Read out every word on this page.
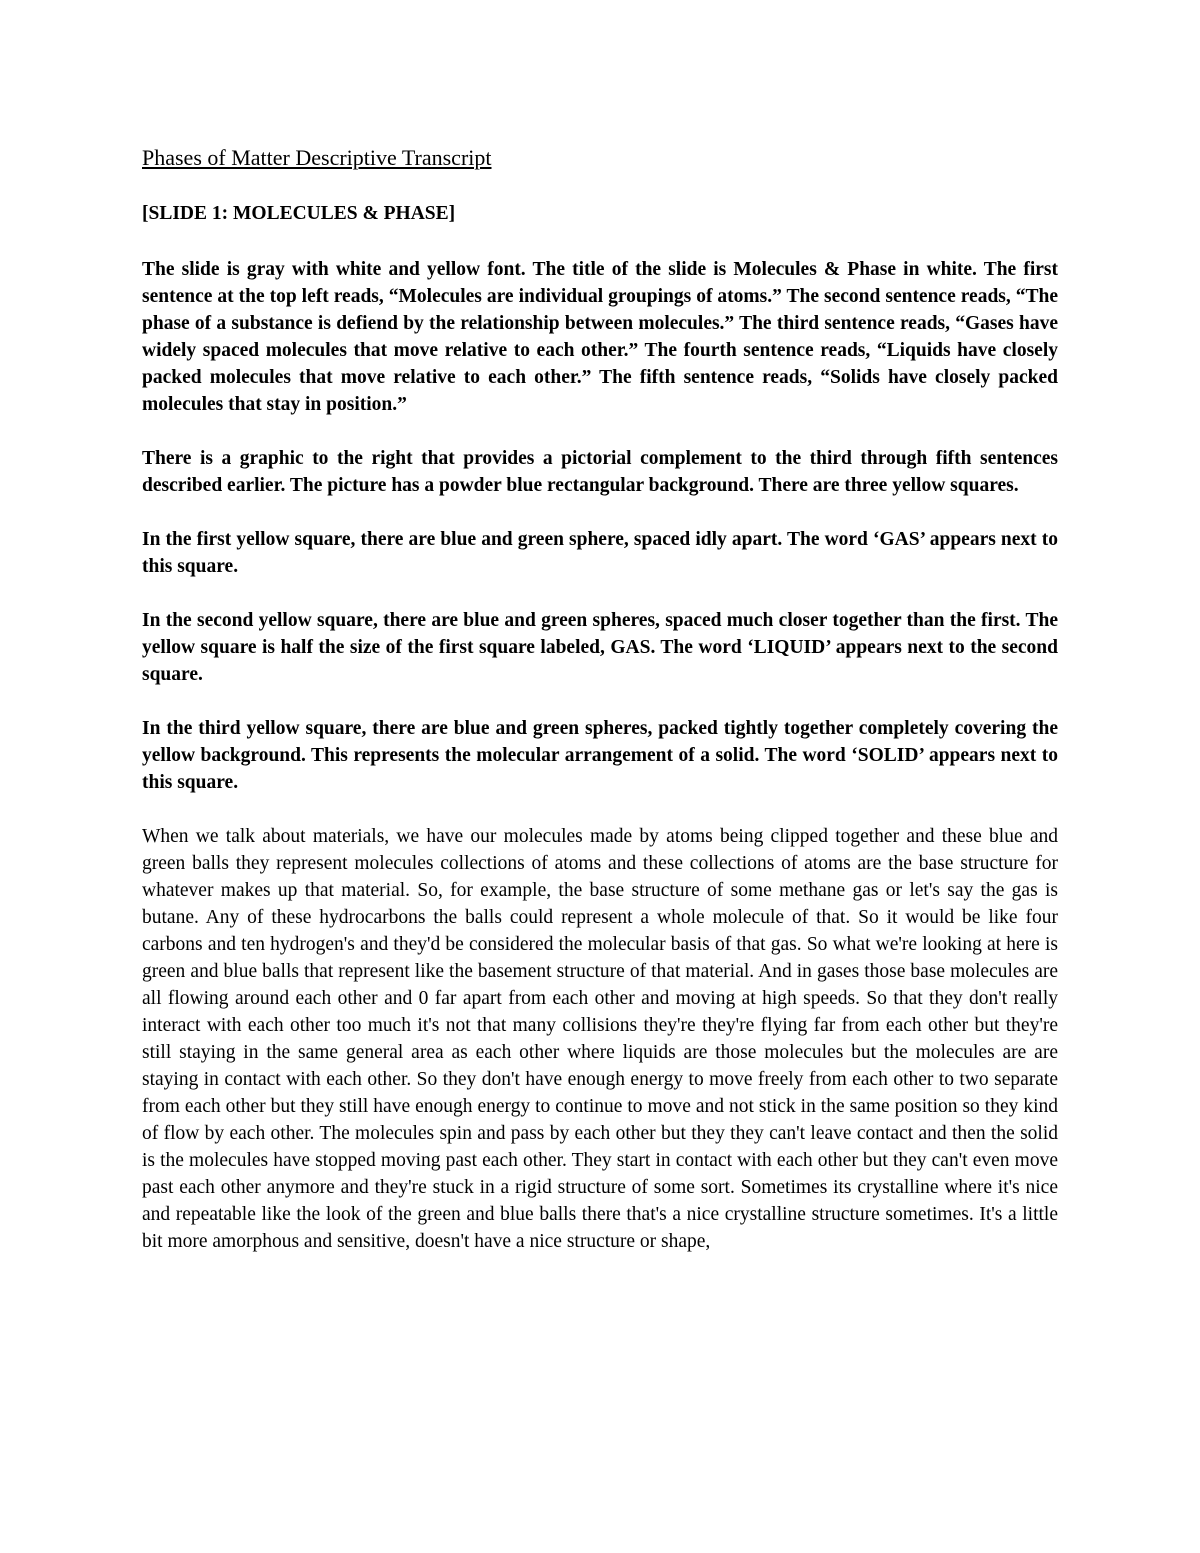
Phases of Matter Descriptive Transcript

[SLIDE 1: MOLECULES & PHASE]

The slide is gray with white and yellow font. The title of the slide is Molecules & Phase in white. The first sentence at the top left reads, “Molecules are individual groupings of atoms.” The second sentence reads, “The phase of a substance is defiend by the relationship between molecules.” The third sentence reads, “Gases have widely spaced molecules that move relative to each other.” The fourth sentence reads, “Liquids have closely packed molecules that move relative to each other.” The fifth sentence reads, “Solids have closely packed molecules that stay in position.”

There is a graphic to the right that provides a pictorial complement to the third through fifth sentences described earlier. The picture has a powder blue rectangular background. There are three yellow squares.

In the first yellow square, there are blue and green sphere, spaced idly apart. The word ‘GAS’ appears next to this square.

In the second yellow square, there are blue and green spheres, spaced much closer together than the first. The yellow square is half the size of the first square labeled, GAS. The word ‘LIQUID’ appears next to the second square.

In the third yellow square, there are blue and green spheres, packed tightly together completely covering the yellow background. This represents the molecular arrangement of a solid. The word ‘SOLID’ appears next to this square.

When we talk about materials, we have our molecules made by atoms being clipped together and these blue and green balls they represent molecules collections of atoms and these collections of atoms are the base structure for whatever makes up that material. So, for example, the base structure of some methane gas or let's say the gas is butane. Any of these hydrocarbons the balls could represent a whole molecule of that. So it would be like four carbons and ten hydrogen's and they'd be considered the molecular basis of that gas. So what we're looking at here is green and blue balls that represent like the basement structure of that material. And in gases those base molecules are all flowing around each other and 0 far apart from each other and moving at high speeds. So that they don't really interact with each other too much it's not that many collisions they're they're flying far from each other but they're still staying in the same general area as each other where liquids are those molecules but the molecules are are staying in contact with each other. So they don't have enough energy to move freely from each other to two separate from each other but they still have enough energy to continue to move and not stick in the same position so they kind of flow by each other. The molecules spin and pass by each other but they they can't leave contact and then the solid is the molecules have stopped moving past each other. They start in contact with each other but they can't even move past each other anymore and they're stuck in a rigid structure of some sort. Sometimes its crystalline where it's nice and repeatable like the look of the green and blue balls there that's a nice crystalline structure sometimes. It's a little bit more amorphous and sensitive, doesn't have a nice structure or shape,
